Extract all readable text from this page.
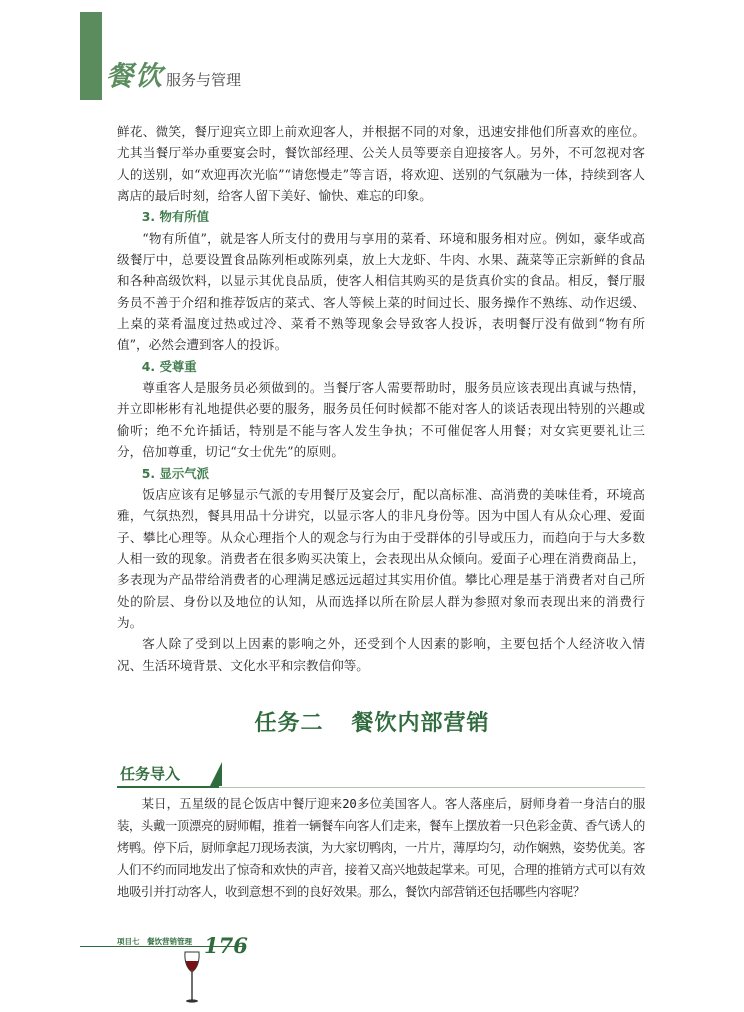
餐饮 服务与管理

鲜花、微笑，餐厅迎宾立即上前欢迎客人，并根据不同的对象，迅速安排他们所喜欢的座位。尤其当餐厅举办重要宴会时，餐饮部经理、公关人员等要亲自迎接客人。另外，不可忽视对客人的送别，如“欢迎再次光临”“请您慢走”等言语，将欢迎、送别的气氛融为一体，持续到客人离店的最后时刻，给客人留下美好、愉快、难忘的印象。

3. 物有所值

“物有所值”，就是客人所支付的费用与享用的菜肴、环境和服务相对应。例如，豪华或高级餐厅中，总要设置食品陈列柜或陈列桌，放上大龙虾、牛肉、水果、蔬菜等正宗新鲜的食品和各种高级饮料，以显示其优良品质，使客人相信其购买的是货真价实的食品。相反，餐厅服务员不善于介绍和推荐饭店的菜式、客人等候上菜的时间过长、服务操作不熟练、动作迟缓、上桌的菜肴温度过热或过冷、菜肴不熟等现象会导致客人投诉，表明餐厅没有做到“物有所值”，必然会遭到客人的投诉。

4. 受尊重

尊重客人是服务员必须做到的。当餐厅客人需要帮助时，服务员应该表现出真诚与热情，并立即彬彬有礼地提供必要的服务，服务员任何时候都不能对客人的谈话表现出特别的兴趣或偷听；绝不允许插话，特别是不能与客人发生争执；不可催促客人用餐；对女宾更要礼让三分，倍加尊重，切记“女士优先”的原则。

5. 显示气派

饭店应该有足够显示气派的专用餐厅及宴会厅，配以高标准、高消费的美味佳肴，环境高雅，气氛热烈，餐具用品十分讲究，以显示客人的非凡身份等。因为中国人有从众心理、爱面子、攀比心理等。从众心理指个人的观念与行为由于受群体的引导或压力，而趋向于与大多数人相一致的现象。消费者在很多购买决策上，会表现出从众倾向。爱面子心理在消费商品上，多表现为产品带给消费者的心理满足感远远超过其实用价值。攀比心理是基于消费者对自己所处的阶层、身份以及地位的认知，从而选择以所在阶层人群为参照对象而表现出来的消费行为。

客人除了受到以上因素的影响之外，还受到个人因素的影响，主要包括个人经济收入情况、生活环境背景、文化水平和宗教信仰等。

任务二 餐饮内部营销
任务导入

某日，五星级的昆仑饭店中餐厅迎来20多位美国客人。客人落座后，厨师身着一身洁白的服装，头戴一顶漂亮的厨师帽，推着一辆餐车向客人们走来，餐车上摆放着一只色彩金黄、香气诱人的烤鸭。停下后，厨师拿起刀现场表演，为大家切鸭肉，一片片，薄厚均匀，动作娴熟，姿势优美。客人们不约而同地发出了惊奇和欢快的声音，接着又高兴地鼓起掌来。可见，合理的推销方式可以有效地吸引并打动客人，收到意想不到的良好效果。那么，餐饮内部营销还包括哪些内容呢？

项目七　餐饮营销管理 176
